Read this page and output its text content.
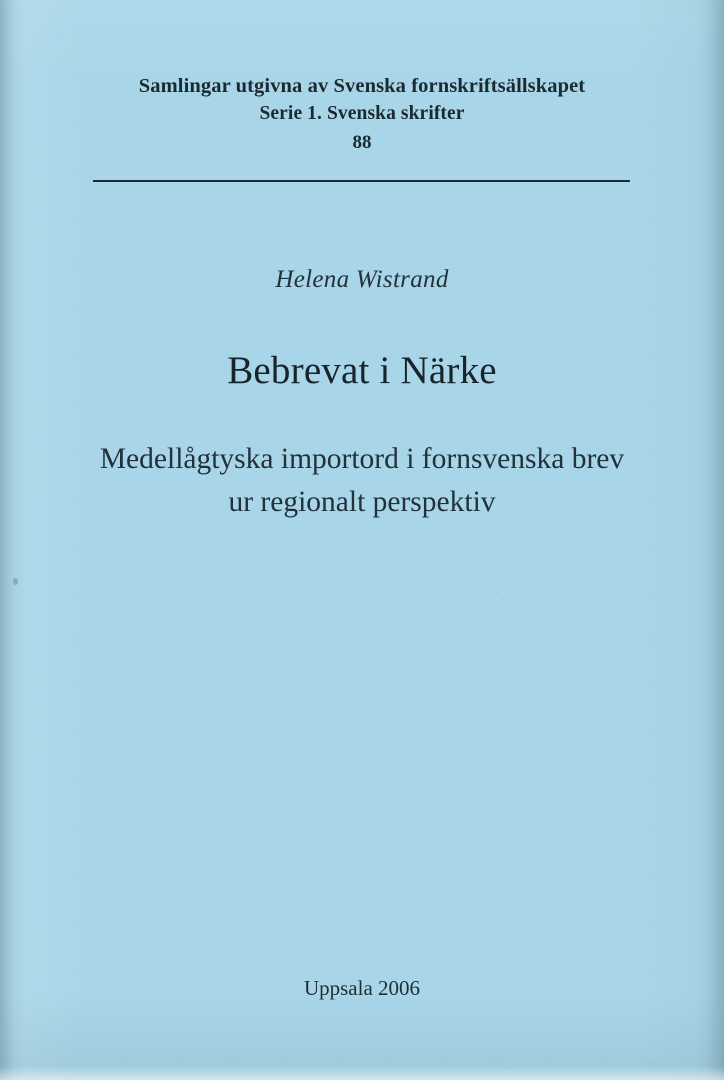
Samlingar utgivna av Svenska fornskriftsällskapet
Serie 1. Svenska skrifter
88
Helena Wistrand
Bebrevat i Närke
Medellågtyska importord i fornsvenska brev
ur regionalt perspektiv
Uppsala 2006
